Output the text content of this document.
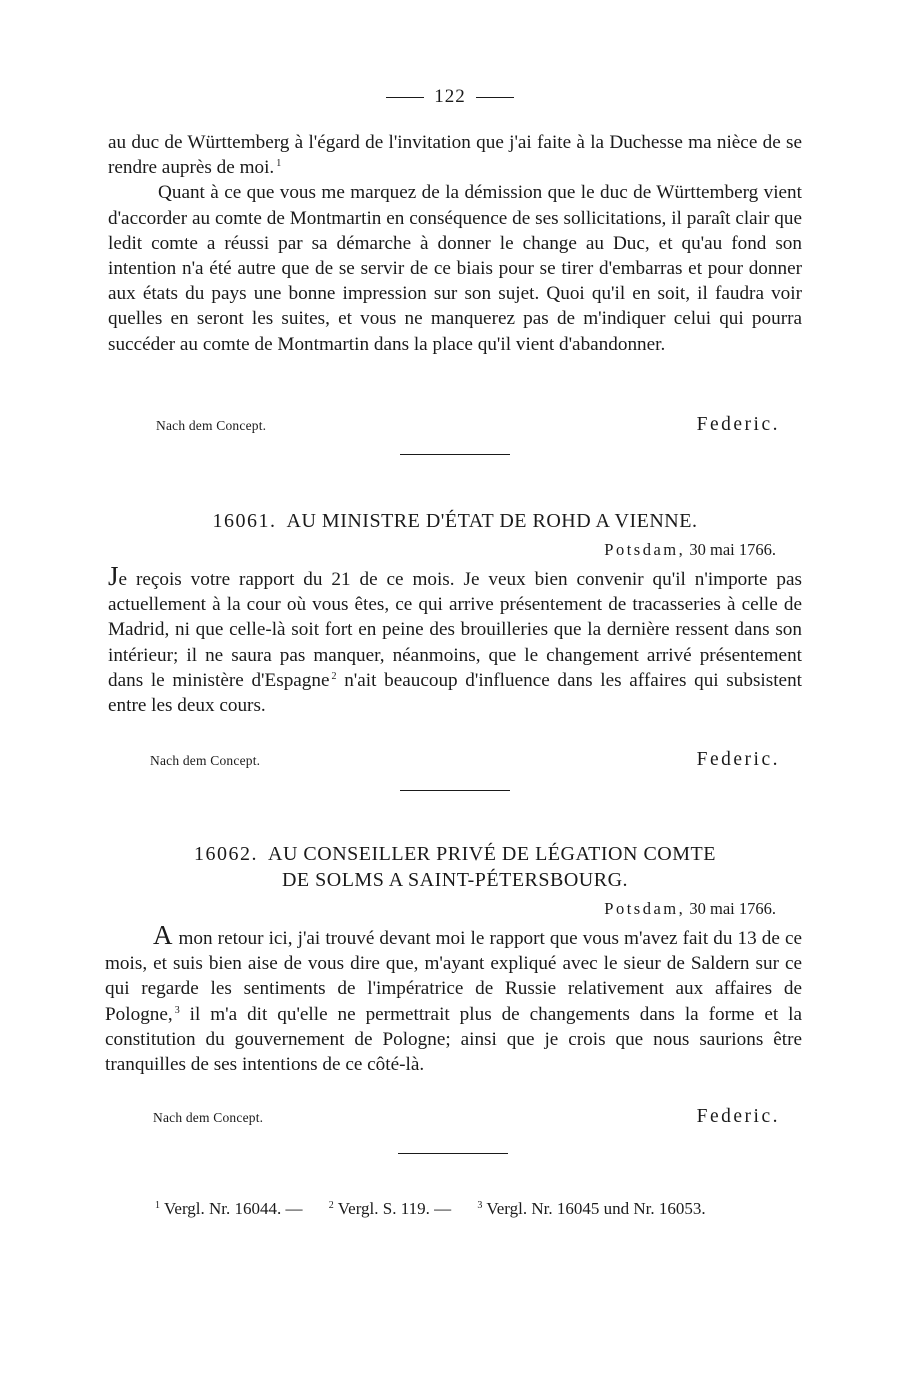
122

au duc de Württemberg à l'égard de l'invitation que j'ai faite à la Duchesse ma nièce de se rendre auprès de moi. $^1$

Quant à ce que vous me marquez de la démission que le duc de Württemberg vient d'accorder au comte de Montmartin en conséquence de ses sollicitations, il paraît clair que ledit comte a réussi par sa démarche à donner le change au Duc, et qu'au fond son intention n'a été autre que de se servir de ce biais pour se tirer d'embarras et pour donner aux états du pays une bonne impression sur son sujet. Quoi qu'il en soit, il faudra voir quelles en seront les suites, et vous ne manquerez pas de m'indiquer celui qui pourra succéder au comte de Montmartin dans la place qu'il vient d'abandonner.

Nach dem Concept.	Federic.
16061. AU MINISTRE D'ÉTAT DE ROHD A VIENNE.
Potsdam, 30 mai 1766.

Je reçois votre rapport du 21 de ce mois. Je veux bien convenir qu'il n'importe pas actuellement à la cour où vous êtes, ce qui arrive présentement de tracasseries à celle de Madrid, ni que celle-là soit fort en peine des brouilleries que la dernière ressent dans son intérieur; il ne saura pas manquer, néanmoins, que le changement arrivé présentement dans le ministère d'Espagne $^2$ n'ait beaucoup d'influence dans les affaires qui subsistent entre les deux cours.

Nach dem Concept.	Federic.
16062. AU CONSEILLER PRIVÉ DE LÉGATION COMTE
DE SOLMS A SAINT-PÉTERSBOURG.
Potsdam, 30 mai 1766.

A mon retour ici, j'ai trouvé devant moi le rapport que vous m'avez fait du 13 de ce mois, et suis bien aise de vous dire que, m'ayant expliqué avec le sieur de Saldern sur ce qui regarde les sentiments de l'impératrice de Russie relativement aux affaires de Pologne, $^3$ il m'a dit qu'elle ne permettrait plus de changements dans la forme et la constitution du gouvernement de Pologne; ainsi que je crois que nous saurions être tranquilles de ses intentions de ce côté-là.

Nach dem Concept.	Federic.
$^1$ Vergl. Nr. 16044. —	$^2$ Vergl. S. 119. —	$^3$ Vergl. Nr. 16045 und Nr. 16053.
